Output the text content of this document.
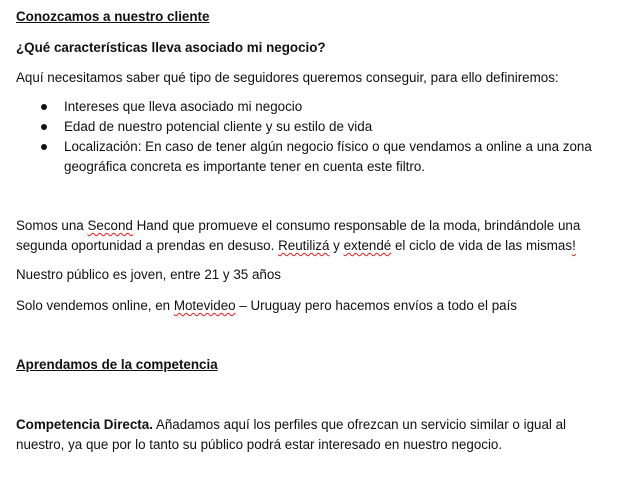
Conozcamos a nuestro cliente

¿Qué características lleva asociado mi negocio?

Aquí necesitamos saber qué tipo de seguidores queremos conseguir, para ello definiremos:

Intereses que lleva asociado mi negocio
Edad de nuestro potencial cliente y su estilo de vida
Localización: En caso de tener algún negocio físico o que vendamos a online a una zona geográfica concreta es importante tener en cuenta este filtro.

Somos una Second Hand que promueve el consumo responsable de la moda, brindándole una segunda oportunidad a prendas en desuso. Reutilizá y extendé el ciclo de vida de las mismas!

Nuestro público es joven, entre 21 y 35 años

Solo vendemos online, en Motevideo – Uruguay pero hacemos envíos a todo el país

Aprendamos de la competencia

Competencia Directa. Añadamos aquí los perfiles que ofrezcan un servicio similar o igual al nuestro, ya que por lo tanto su público podrá estar interesado en nuestro negocio.
